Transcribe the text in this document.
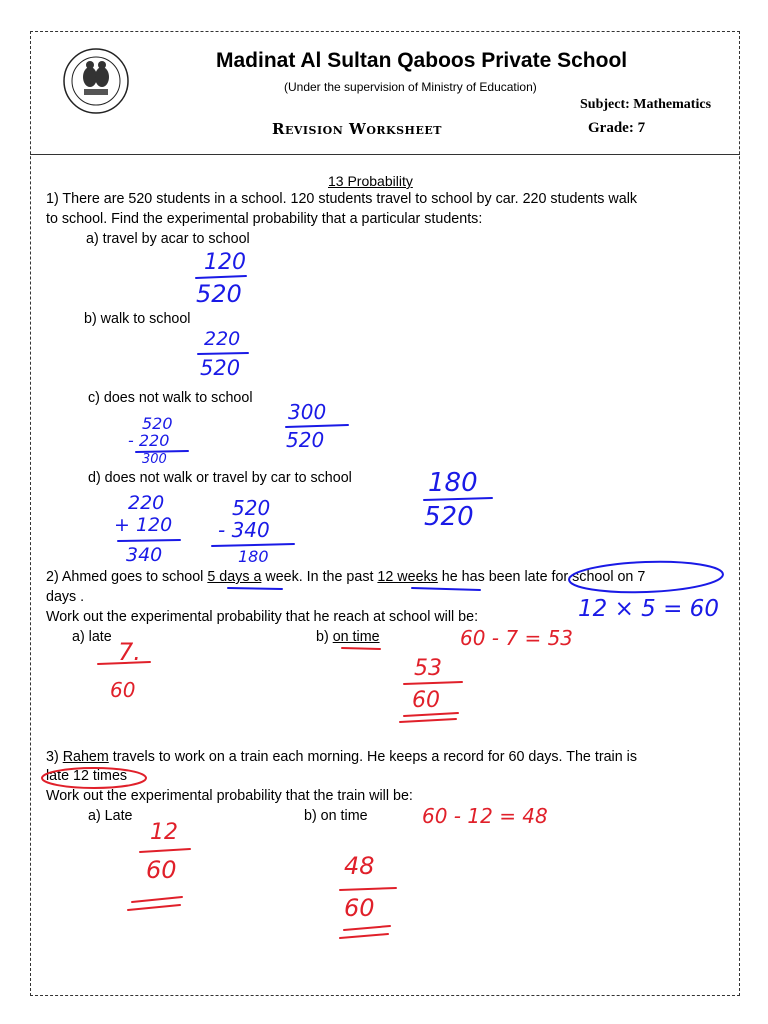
Madinat Al Sultan Qaboos Private School
(Under the supervision of Ministry of Education)
Subject: Mathematics
Revision Worksheet	Grade: 7
13 Probability
1) There are 520 students in a school. 120 students travel to school by car. 220 students walk
to school. Find the experimental probability that a particular students:
a) travel by acar to school
b) walk to school
c) does not walk to school
d) does not walk or travel by car to school
2) Ahmed goes to school 5 days a week. In the past 12 weeks he has been late for school on 7
days .
Work out the experimental probability that he reach at school will be:
a) late	b) on time
3) Rahem travels to work on a train each morning. He keeps a record for 60 days. The train is
late 12 times
Work out the experimental probability that the train will be:
a) Late	b) on time
120
520
220
520
520
- 220
300
300
520
220
+ 120
340
520
- 340
180
180
520
12 × 5 = 60
7.
60
60 - 7 = 53
53
60
12
60
60 - 12 = 48
48
60
